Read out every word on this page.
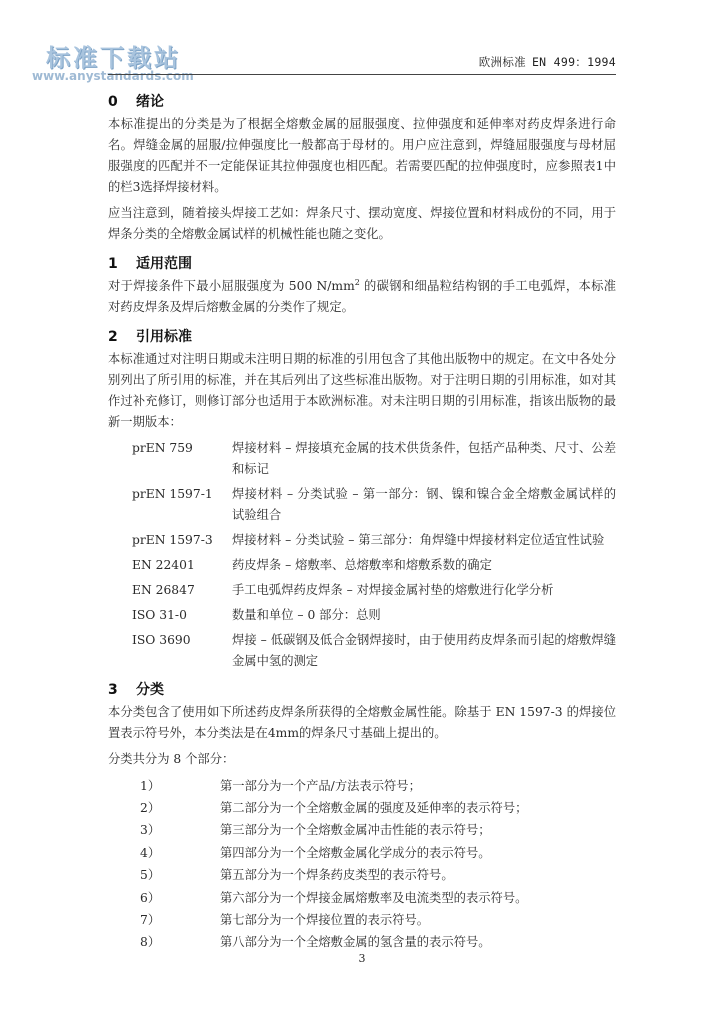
标准下载站
www.anystandards.com
欧洲标准 EN 499：1994
0 绪论

本标准提出的分类是为了根据全熔敷金属的屈服强度、拉伸强度和延伸率对药皮焊条进行命名。焊缝金属的屈服/拉伸强度比一般都高于母材的。用户应注意到，焊缝屈服强度与母材屈服强度的匹配并不一定能保证其拉伸强度也相匹配。若需要匹配的拉伸强度时，应参照表1中的栏3选择焊接材料。

应当注意到，随着接头焊接工艺如：焊条尺寸、摆动宽度、焊接位置和材料成份的不同，用于焊条分类的全熔敷金属试样的机械性能也随之变化。

1 适用范围

对于焊接条件下最小屈服强度为 500 $N/mm^2$ 的碳钢和细晶粒结构钢的手工电弧焊，本标准对药皮焊条及焊后熔敷金属的分类作了规定。

2 引用标准

本标准通过对注明日期或未注明日期的标准的引用包含了其他出版物中的规定。在文中各处分别列出了所引用的标准，并在其后列出了这些标准出版物。对于注明日期的引用标准，如对其作过补充修订，则修订部分也适用于本欧洲标准。对未注明日期的引用标准，指该出版物的最新一期版本：

prEN 759	焊接材料 – 焊接填充金属的技术供货条件，包括产品种类、尺寸、公差和标记
prEN 1597-1	焊接材料 – 分类试验 – 第一部分：钢、镍和镍合金全熔敷金属试样的试验组合
prEN 1597-3	焊接材料 – 分类试验 – 第三部分：角焊缝中焊接材料定位适宜性试验
EN 22401	药皮焊条 – 熔敷率、总熔敷率和熔敷系数的确定
EN 26847	手工电弧焊药皮焊条 – 对焊接金属衬垫的熔敷进行化学分析
ISO 31-0	数量和单位 – 0 部分：总则
ISO 3690	焊接 – 低碳钢及低合金钢焊接时，由于使用药皮焊条而引起的熔敷焊缝金属中氢的测定
3 分类

本分类包含了使用如下所述药皮焊条所获得的全熔敷金属性能。除基于 EN 1597-3 的焊接位置表示符号外，本分类法是在4mm的焊条尺寸基础上提出的。

分类共分为 8 个部分：

1）	第一部分为一个产品/方法表示符号；
2）	第二部分为一个全熔敷金属的强度及延伸率的表示符号；
3）	第三部分为一个全熔敷金属冲击性能的表示符号；
4）	第四部分为一个全熔敷金属化学成分的表示符号。
5）	第五部分为一个焊条药皮类型的表示符号。
6）	第六部分为一个焊接金属熔敷率及电流类型的表示符号。
7）	第七部分为一个焊接位置的表示符号。
8）	第八部分为一个全熔敷金属的氢含量的表示符号。
3
